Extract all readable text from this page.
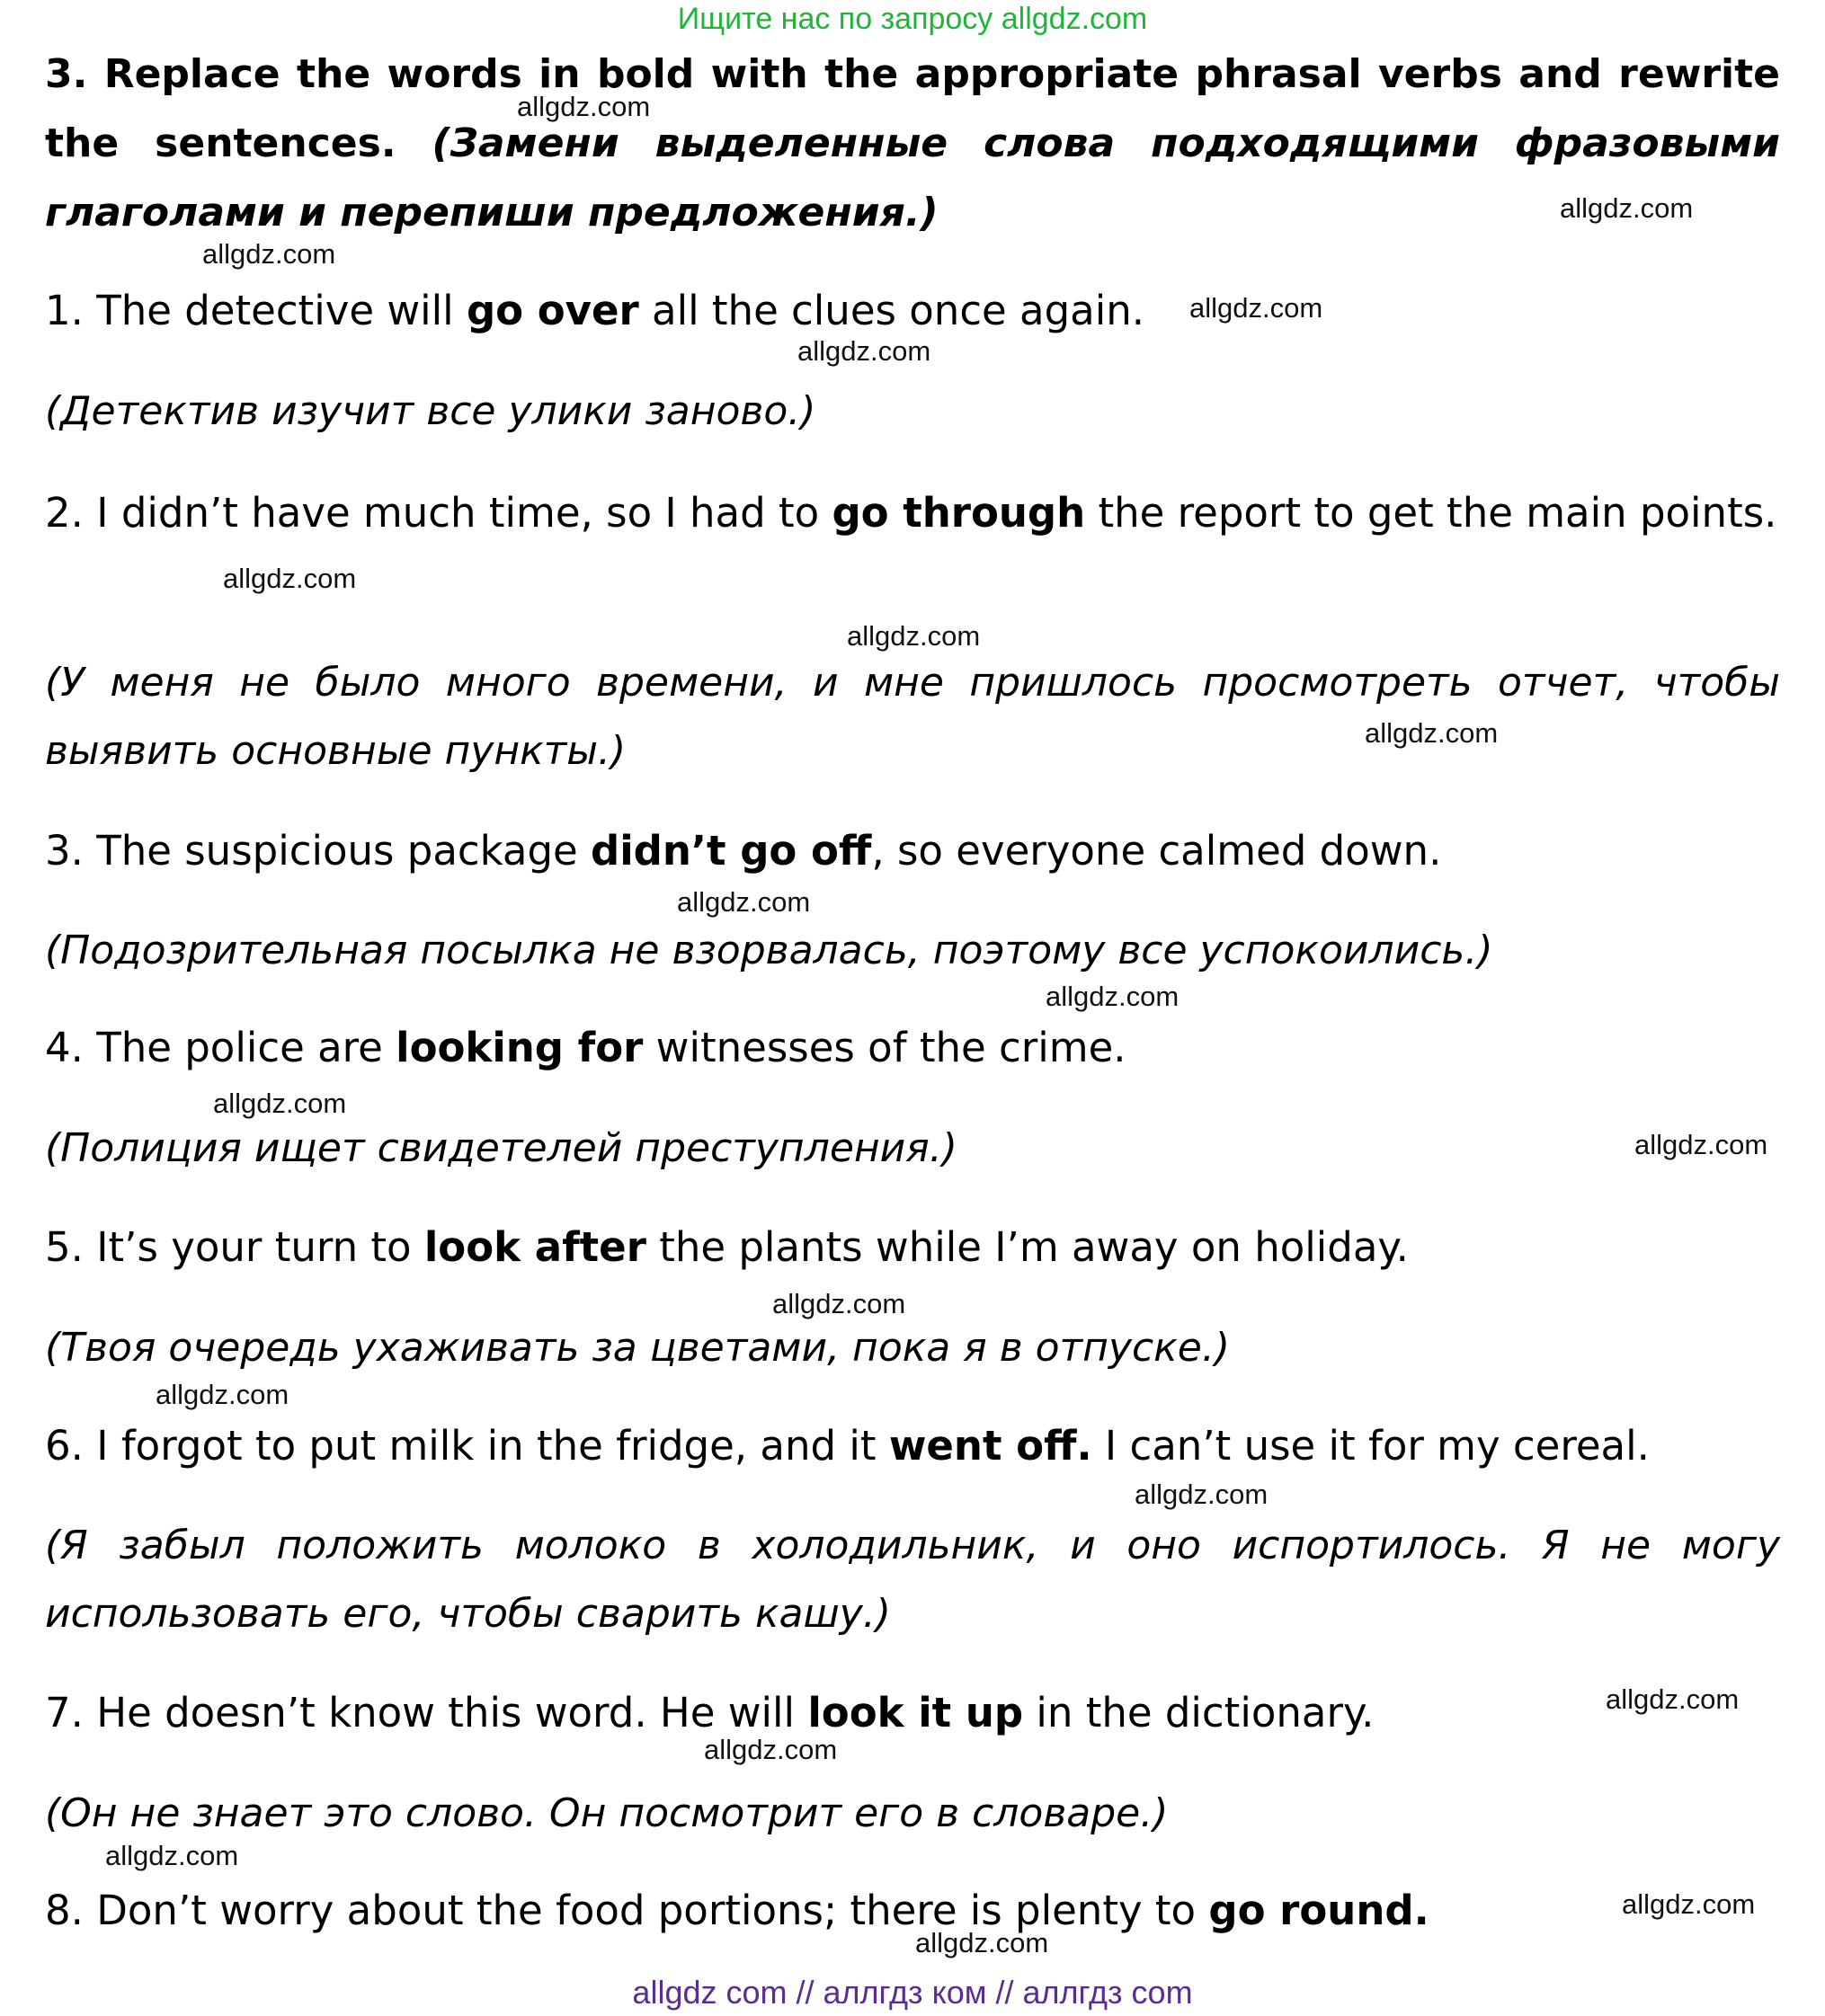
Ищите нас по запросу allgdz.com
3. Replace the words in bold with the appropriate phrasal verbs and rewrite the sentences. (Замени выделенные слова подходящими фразовыми глаголами и перепиши предложения.)
1. The detective will go over all the clues once again.
(Детектив изучит все улики заново.)
2. I didn’t have much time, so I had to go through the report to get the main points.
(У меня не было много времени, и мне пришлось просмотреть отчет, чтобы выявить основные пункты.)
3. The suspicious package didn’t go off, so everyone calmed down.
(Подозрительная посылка не взорвалась, поэтому все успокоились.)
4. The police are looking for witnesses of the crime.
(Полиция ищет свидетелей преступления.)
5. It’s your turn to look after the plants while I’m away on holiday.
(Твоя очередь ухаживать за цветами, пока я в отпуске.)
6. I forgot to put milk in the fridge, and it went off. I can’t use it for my cereal.
(Я забыл положить молоко в холодильник, и оно испортилось. Я не могу использовать его, чтобы сварить кашу.)
7. He doesn’t know this word. He will look it up in the dictionary.
(Он не знает это слово. Он посмотрит его в словаре.)
8. Don’t worry about the food portions; there is plenty to go round.
allgdz.com
allgdz.com
allgdz.com
allgdz.com
allgdz.com
allgdz.com
allgdz.com
allgdz.com
allgdz.com
allgdz.com
allgdz.com
allgdz.com
allgdz.com
allgdz.com
allgdz.com
allgdz.com
allgdz.com
allgdz.com
allgdz.com
allgdz.com
allgdz com // аллгдз ком // аллгдз com
